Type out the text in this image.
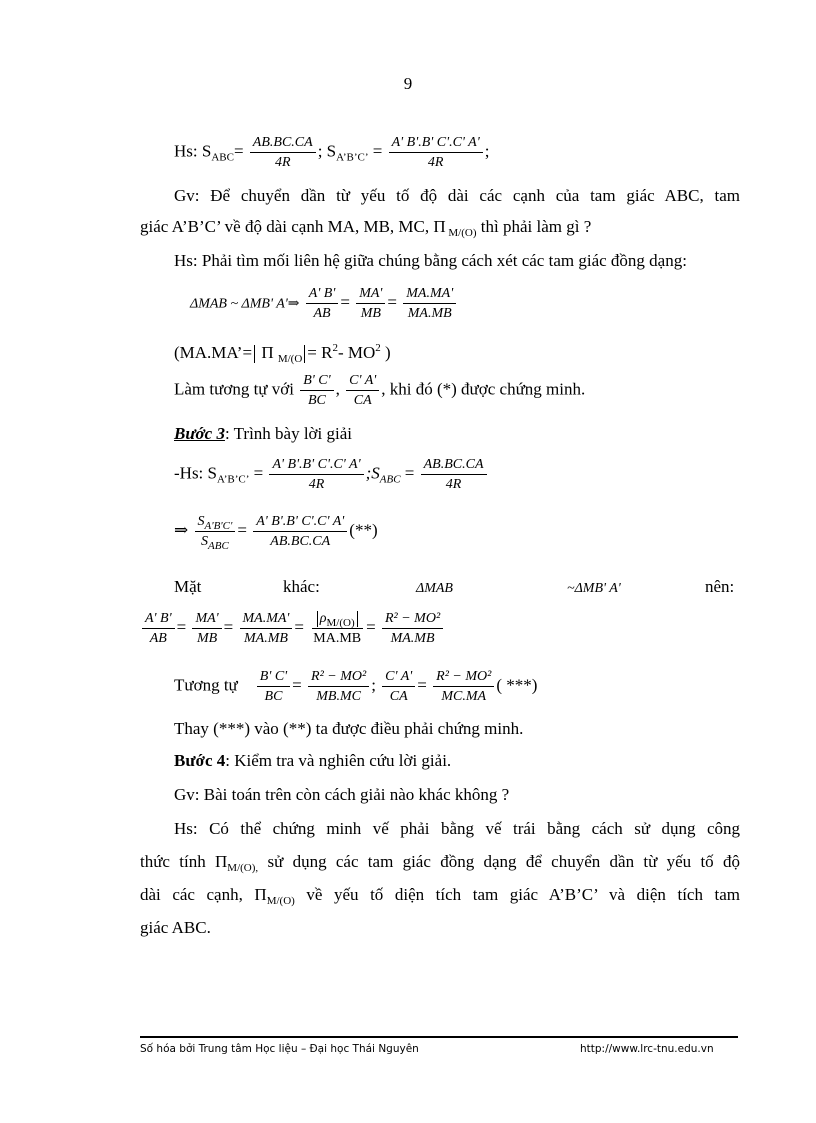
9
Hs: $S_{ABC}= \frac{AB.BC.CA}{4R}$ ; $S_{A’B’C’} = \frac{A' B'.B' C'.C' A'}{4R}$ ;
Gv: Để chuyển dần từ yếu tố độ dài các cạnh của tam giác ABC, tam
giác A’B’C’ về độ dài cạnh MA, MB, MC, Π $_{M/(O)}$ thì phải làm gì ?
Hs: Phải tìm mối liên hệ giữa chúng bằng cách xét các tam giác đồng dạng:
ΔMAB ~ ΔMB' A'⇒ $\frac{A' B'}{AB} = \frac{MA'}{MB} = \frac{MA.MA'}{MA.MB}$
(MA.MA’= Π $_{M/(O} = R^2-$ $MO^2$ )
Làm tương tự với $\frac{B' C'}{BC}$ , $\frac{C' A'}{CA}$ , khi đó (*) được chứng minh.
Bước 3: Trình bày lời giải
-Hs: $S_{A’B’C’} = \frac{A' B'.B' C'.C' A'}{4R}$ $;S_{ABC} = \frac{AB.BC.CA}{4R}$
⇒ $\frac{S_{A'B'C'}}{S_{ABC}} = \frac{A' B'.B' C'.C' A'}{AB.BC.CA}$ (**)
Mặt	khác:	ΔMAB	~ΔMB' A'	nên:
$\frac{A' B'}{AB} = \frac{MA'}{MB} = \frac{MA.MA'}{MA.MB} = \frac{\rho_{M/(O)}}{MA.MB} = \frac{\text{R² − MO²}}{MA.MB}$
Tương tự $\frac{B' C'}{BC} = \frac{\text{R² − MO²}}{MB.MC}$ ; $\frac{C' A'}{CA} = \frac{\text{R² − MO²}}{MC.MA}$ ( ***)
Thay (***) vào (**) ta được điều phải chứng minh.
Bước 4: Kiểm tra và nghiên cứu lời giải.
Gv: Bài toán trên còn cách giải nào khác không ?
Hs: Có thể chứng minh vế phải bằng vế trái bằng cách sử dụng công
thức tính $\Pi_{M/(O),}$ sử dụng các tam giác đồng dạng để chuyển dần từ yếu tố độ
dài các cạnh, $\Pi_{M/(O)}$ về yếu tố diện tích tam giác A’B’C’ và diện tích tam
giác ABC.
Số hóa bởi Trung tâm Học liệu – Đại học Thái Nguyên	http://www.lrc-tnu.edu.vn
